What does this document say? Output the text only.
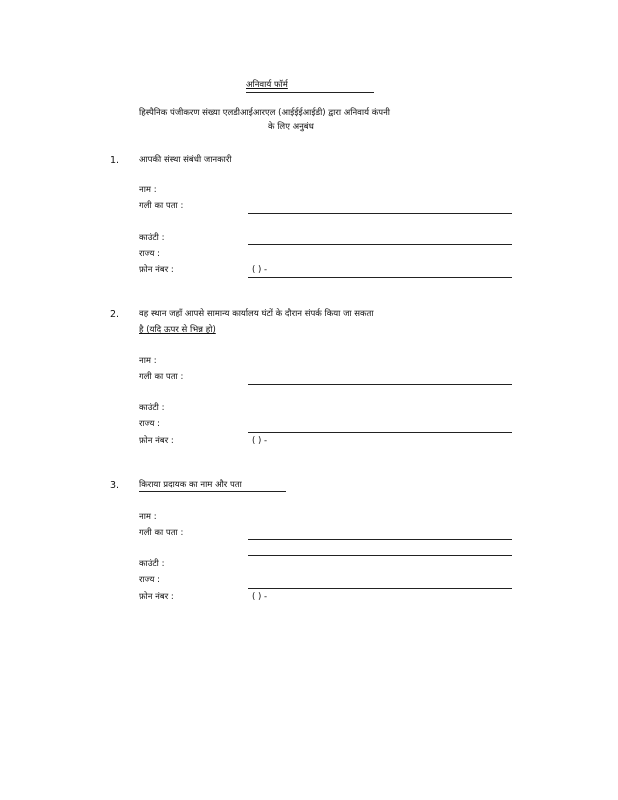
अनिवार्य फॉर्म
हिस्पैनिक पंजीकरण संख्या एलडीआईआरएल (आईईईआईडी) द्वारा अनिवार्य कंपनी
के लिए अनुबंध
1. आपकी संस्था संबंधी जानकारी
नाम :
गली का पता :
काउंटी :
राज्य :
फ़ोन नंबर :	( ) -
2. वह स्थान जहाँ आपसे सामान्य कार्यालय घंटों के दौरान संपर्क किया जा सकता
है (यदि ऊपर से भिन्न हो)
नाम :
गली का पता :
काउंटी :
राज्य :
फ़ोन नंबर :	( ) -
3. किराया प्रदायक का नाम और पता
नाम :
गली का पता :
काउंटी :
राज्य :
फ़ोन नंबर :	( ) -
